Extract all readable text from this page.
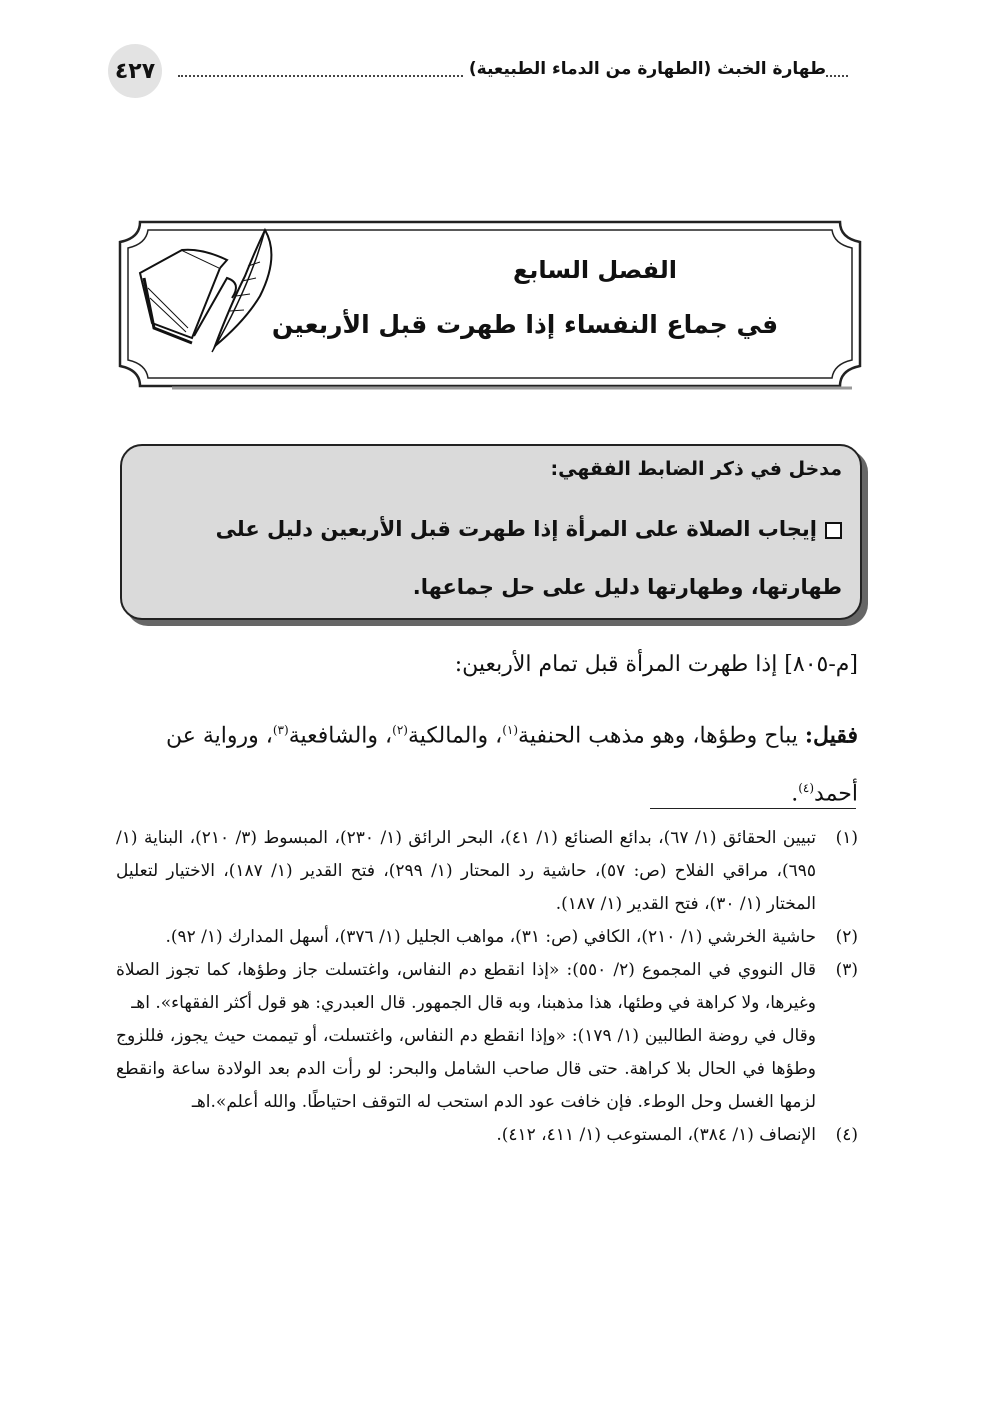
٤٢٧	طهارة الخبث (الطهارة من الدماء الطبيعية)
الفصل السابع
في جماع النفساء إذا طهرت قبل الأربعين
مدخل في ذكر الضابط الفقهي:
إيجاب الصلاة على المرأة إذا طهرت قبل الأربعين دليل على طهارتها، وطهارتها دليل على حل جماعها.
[م-٨٠٥] إذا طهرت المرأة قبل تمام الأربعين:
فقيل: يباح وطؤها، وهو مذهب الحنفية$^{(١)}$، والمالكية$^{(٢)}$، والشافعية$^{(٣)}$، ورواية عن أحمد$^{(٤)}$.
(١)

تبيين الحقائق (١/ ٦٧)، بدائع الصنائع (١/ ٤١)، البحر الرائق (١/ ٢٣٠)، المبسوط (٣/ ٢١٠)، البناية (١/ ٦٩٥)، مراقي الفلاح (ص: ٥٧)، حاشية رد المحتار (١/ ٢٩٩)، فتح القدير (١/ ١٨٧)، الاختيار لتعليل المختار (١/ ٣٠)، فتح القدير (١/ ١٨٧).

(٢)

حاشية الخرشي (١/ ٢١٠)، الكافي (ص: ٣١)، مواهب الجليل (١/ ٣٧٦)، أسهل المدارك (١/ ٩٢).

(٣)

قال النووي في المجموع (٢/ ٥٥٠): «إذا انقطع دم النفاس، واغتسلت جاز وطؤها، كما تجوز الصلاة وغيرها، ولا كراهة في وطئها، هذا مذهبنا، وبه قال الجمهور. قال العبدري: هو قول أكثر الفقهاء». اهـ

وقال في روضة الطالبين (١/ ١٧٩): «وإذا انقطع دم النفاس، واغتسلت، أو تيممت حيث يجوز، فللزوج وطؤها في الحال بلا كراهة. حتى قال صاحب الشامل والبحر: لو رأت الدم بعد الولادة ساعة وانقطع لزمها الغسل وحل الوطء. فإن خافت عود الدم استحب له التوقف احتياطًا. والله أعلم».اهـ

(٤)

الإنصاف (١/ ٣٨٤)، المستوعب (١/ ٤١١، ٤١٢).
